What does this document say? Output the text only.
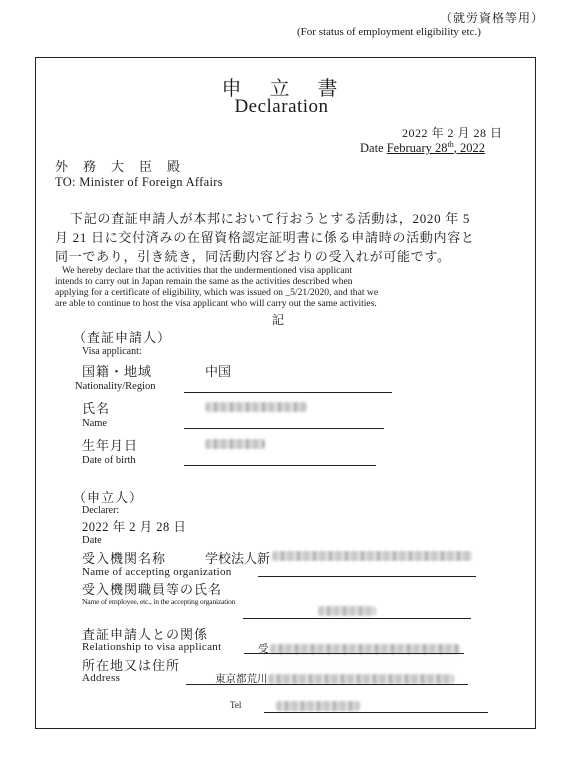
（就労資格等用）
(For status of employment eligibility etc.)
申　立　書
Declaration
2022 年 2 月 28 日
Date February 28th, 2022
外　務　大　臣　殿
TO: Minister of Foreign Affairs
下記の査証申請人が本邦において行おうとする活動は，2020 年 5
月 21 日に交付済みの在留資格認定証明書に係る申請時の活動内容と
同一であり，引き続き，同活動内容どおりの受入れが可能です。
We hereby declare that the activities that the undermentioned visa applicant
intends to carry out in Japan remain the same as the activities described when
applying for a certificate of eligibility, which was issued on _5/21/2020, and that we
are able to continue to host the visa applicant who will carry out the same activities.
記
（査証申請人）
Visa applicant:
国籍・地域	中国
Nationality/Region
氏名
Name
生年月日
Date of birth
（申立人）
Declarer:
2022 年 2 月 28 日
Date
受入機関名称	学校法人新
Name of accepting organization
受入機関職員等の氏名
Name of employee, etc., in the accepting organization
査証申請人との関係
Relationship to visa applicant	受
所在地又は住所
Address	東京都荒川
Tel
